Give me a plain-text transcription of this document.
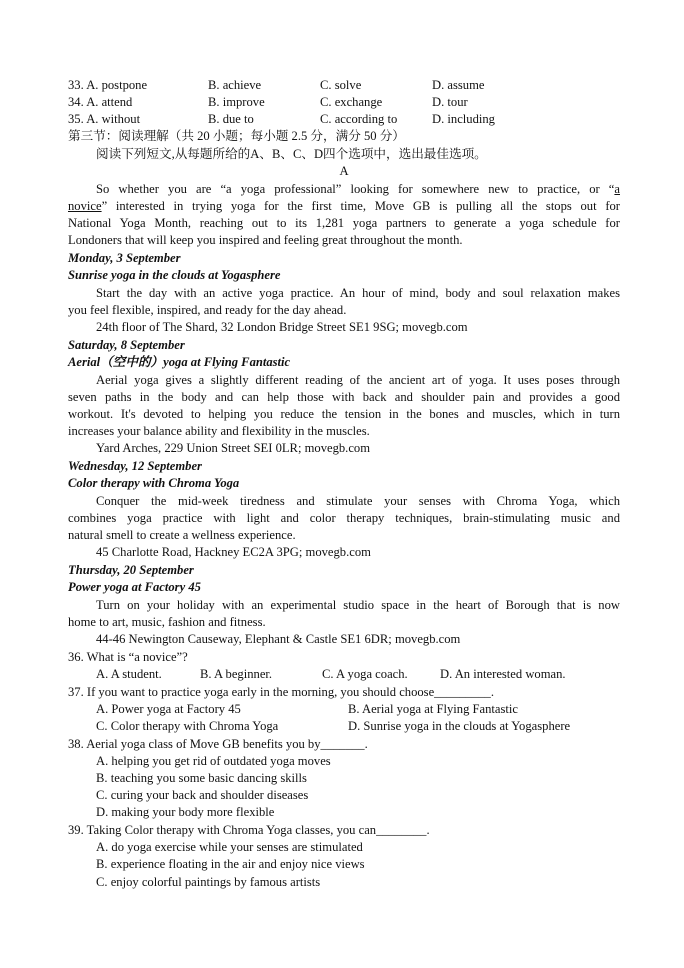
33. A. postpone	B. achieve	C. solve	D. assume
34. A. attend	B. improve	C. exchange	D. tour
35. A. without	B. due to	C. according to	D. including
第三节：阅读理解（共 20 小题；每小题 2.5 分，满分 50 分）
阅读下列短文,从每题所给的A、B、C、D四个选项中，选出最佳选项。
A
So whether you are “a yoga professional” looking for somewhere new to practice, or “a
novice” interested in trying yoga for the first time, Move GB is pulling all the stops out for
National Yoga Month, reaching out to its 1,281 yoga partners to generate a yoga schedule for
Londoners that will keep you inspired and feeling great throughout the month.
Monday, 3 September
Sunrise yoga in the clouds at Yogasphere
Start the day with an active yoga practice. An hour of mind, body and soul relaxation makes
you feel flexible, inspired, and ready for the day ahead.
24th floor of The Shard, 32 London Bridge Street SE1 9SG; movegb.com
Saturday, 8 September
Aerial（空中的）yoga at Flying Fantastic
Aerial yoga gives a slightly different reading of the ancient art of yoga. It uses poses through
seven paths in the body and can help those with back and shoulder pain and provides a good
workout. It's devoted to helping you reduce the tension in the bones and muscles, which in turn
increases your balance ability and flexibility in the muscles.
Yard Arches, 229 Union Street SEI 0LR; movegb.com
Wednesday, 12 September
Color therapy with Chroma Yoga
Conquer the mid-week tiredness and stimulate your senses with Chroma Yoga, which
combines yoga practice with light and color therapy techniques, brain-stimulating music and
natural smell to create a wellness experience.
45 Charlotte Road, Hackney EC2A 3PG; movegb.com
Thursday, 20 September
Power yoga at Factory 45
Turn on your holiday with an experimental studio space in the heart of Borough that is now
home to art, music, fashion and fitness.
44-46 Newington Causeway, Elephant & Castle SE1 6DR; movegb.com
36. What is “a novice”?
A. A student.	B. A beginner.	C. A yoga coach.	D. An interested woman.
37. If you want to practice yoga early in the morning, you should choose_________.
A. Power yoga at Factory 45	B. Aerial yoga at Flying Fantastic
C. Color therapy with Chroma Yoga	D. Sunrise yoga in the clouds at Yogasphere
38. Aerial yoga class of Move GB benefits you by_______.
A. helping you get rid of outdated yoga moves
B. teaching you some basic dancing skills
C. curing your back and shoulder diseases
D. making your body more flexible
39. Taking Color therapy with Chroma Yoga classes, you can________.
A. do yoga exercise while your senses are stimulated
B. experience floating in the air and enjoy nice views
C. enjoy colorful paintings by famous artists
